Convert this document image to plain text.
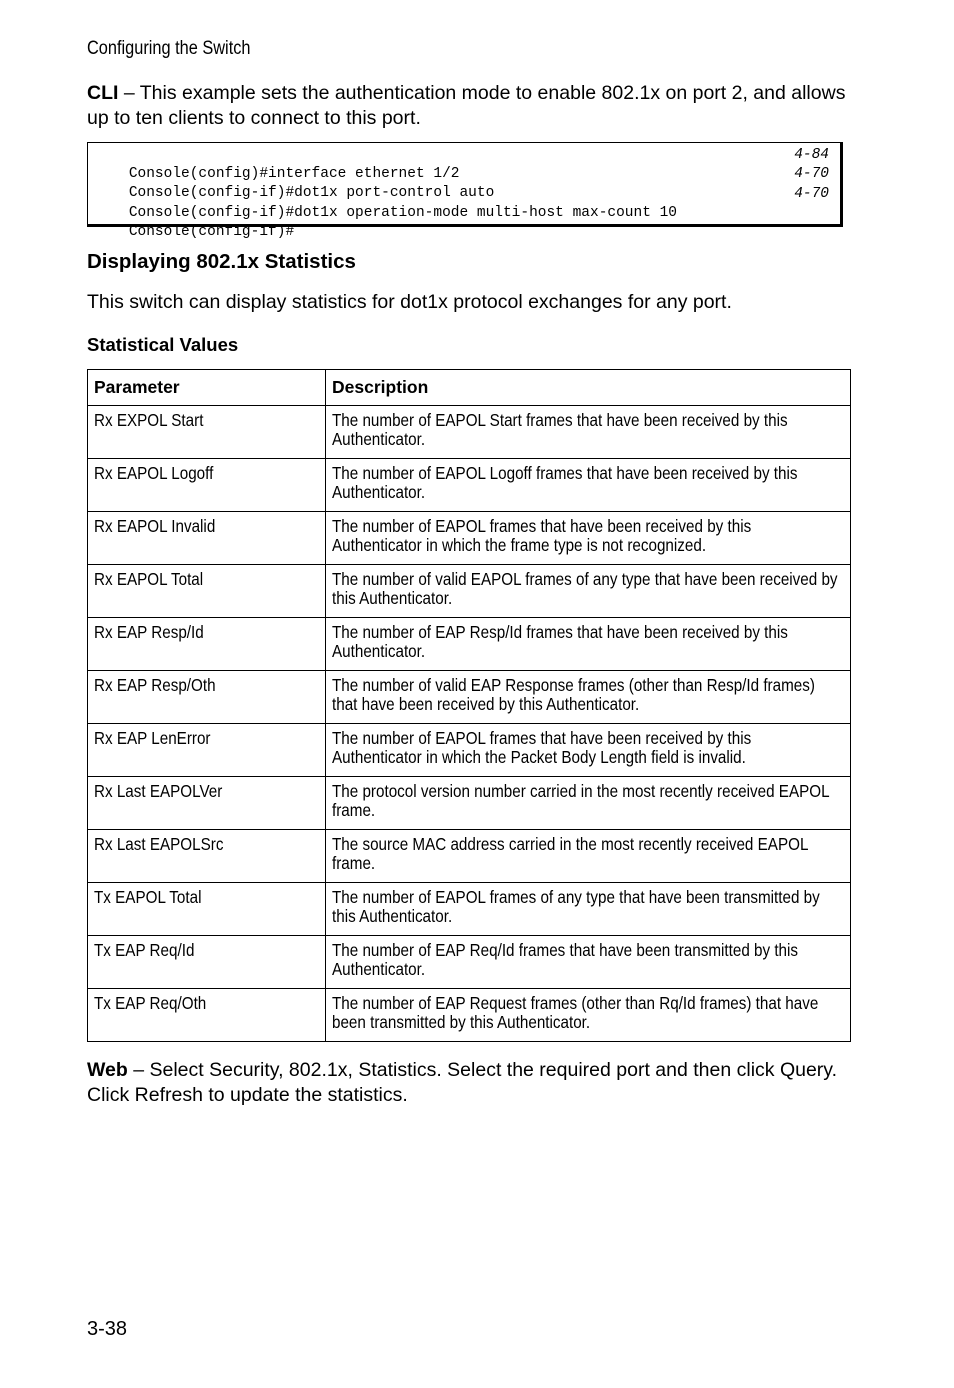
Configuring the Switch

CLI – This example sets the authentication mode to enable 802.1x on port 2, and allows up to ten clients to connect to this port.

Console(config)#interface ethernet 1/2

4-84

Console(config-if)#dot1x port-control auto

4-70

Console(config-if)#dot1x operation-mode multi-host max-count 10

4-70

Console(config-if)#

Displaying 802.1x Statistics

This switch can display statistics for dot1x protocol exchanges for any port.

Statistical Values
Parameter	Description

Rx EXPOL Start	The number of EAPOL Start frames that have been received by this Authenticator.

Rx EAPOL Logoff	The number of EAPOL Logoff frames that have been received by this Authenticator.

Rx EAPOL Invalid	The number of EAPOL frames that have been received by this Authenticator in which the frame type is not recognized.

Rx EAPOL Total	The number of valid EAPOL frames of any type that have been received by this Authenticator.

Rx EAP Resp/Id	The number of EAP Resp/Id frames that have been received by this Authenticator.

Rx EAP Resp/Oth	The number of valid EAP Response frames (other than Resp/Id frames) that have been received by this Authenticator.

Rx EAP LenError	The number of EAPOL frames that have been received by this Authenticator in which the Packet Body Length field is invalid.

Rx Last EAPOLVer	The protocol version number carried in the most recently received EAPOL frame.

Rx Last EAPOLSrc	The source MAC address carried in the most recently received EAPOL frame.

Tx EAPOL Total	The number of EAPOL frames of any type that have been transmitted by this Authenticator.

Tx EAP Req/Id	The number of EAP Req/Id frames that have been transmitted by this Authenticator.

Tx EAP Req/Oth	The number of EAP Request frames (other than Rq/Id frames) that have been transmitted by this Authenticator.

Web – Select Security, 802.1x, Statistics. Select the required port and then click Query. Click Refresh to update the statistics.

3-38
